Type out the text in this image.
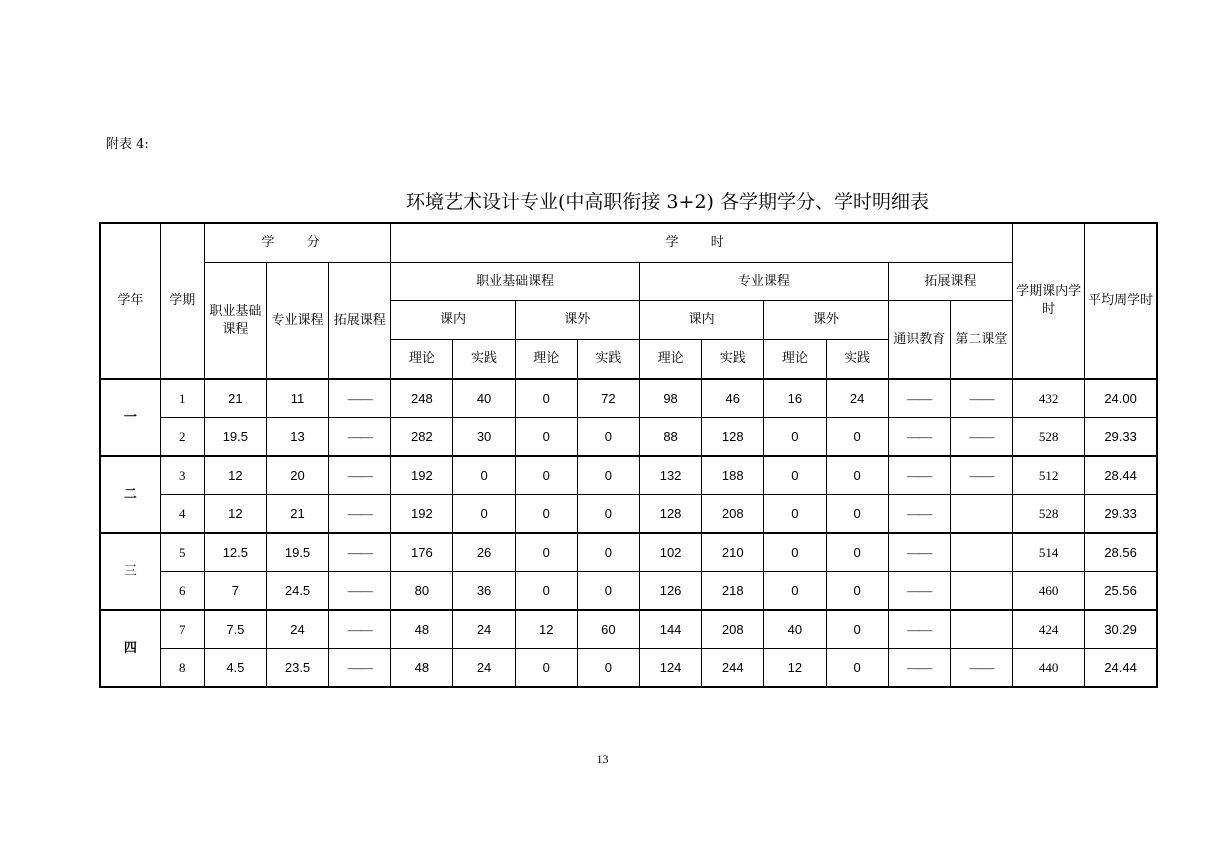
附表 4:
环境艺术设计专业(中高职衔接 3+2) 各学期学分、学时明细表
学年	学期	学 分			学 时										学期课内学时	平均周学时
		职业基础课程	专业课程	拓展课程	职业基础课程				专业课程				拓展课程			
					课内		课外		课内		课外		通识教育	第二课堂		
					理论	实践	理论	实践	理论	实践	理论	实践				
一	1	21	11	——	248	40	0	72	98	46	16	24	——	——	432	24.00
	2	19.5	13	——	282	30	0	0	88	128	0	0	——	——	528	29.33
二	3	12	20	——	192	0	0	0	132	188	0	0	——	——	512	28.44
	4	12	21	——	192	0	0	0	128	208	0	0	——		528	29.33
三	5	12.5	19.5	——	176	26	0	0	102	210	0	0	——		514	28.56
	6	7	24.5	——	80	36	0	0	126	218	0	0	——		460	25.56
四	7	7.5	24	——	48	24	12	60	144	208	40	0	——		424	30.29
	8	4.5	23.5	——	48	24	0	0	124	244	12	0	——	——	440	24.44
13
